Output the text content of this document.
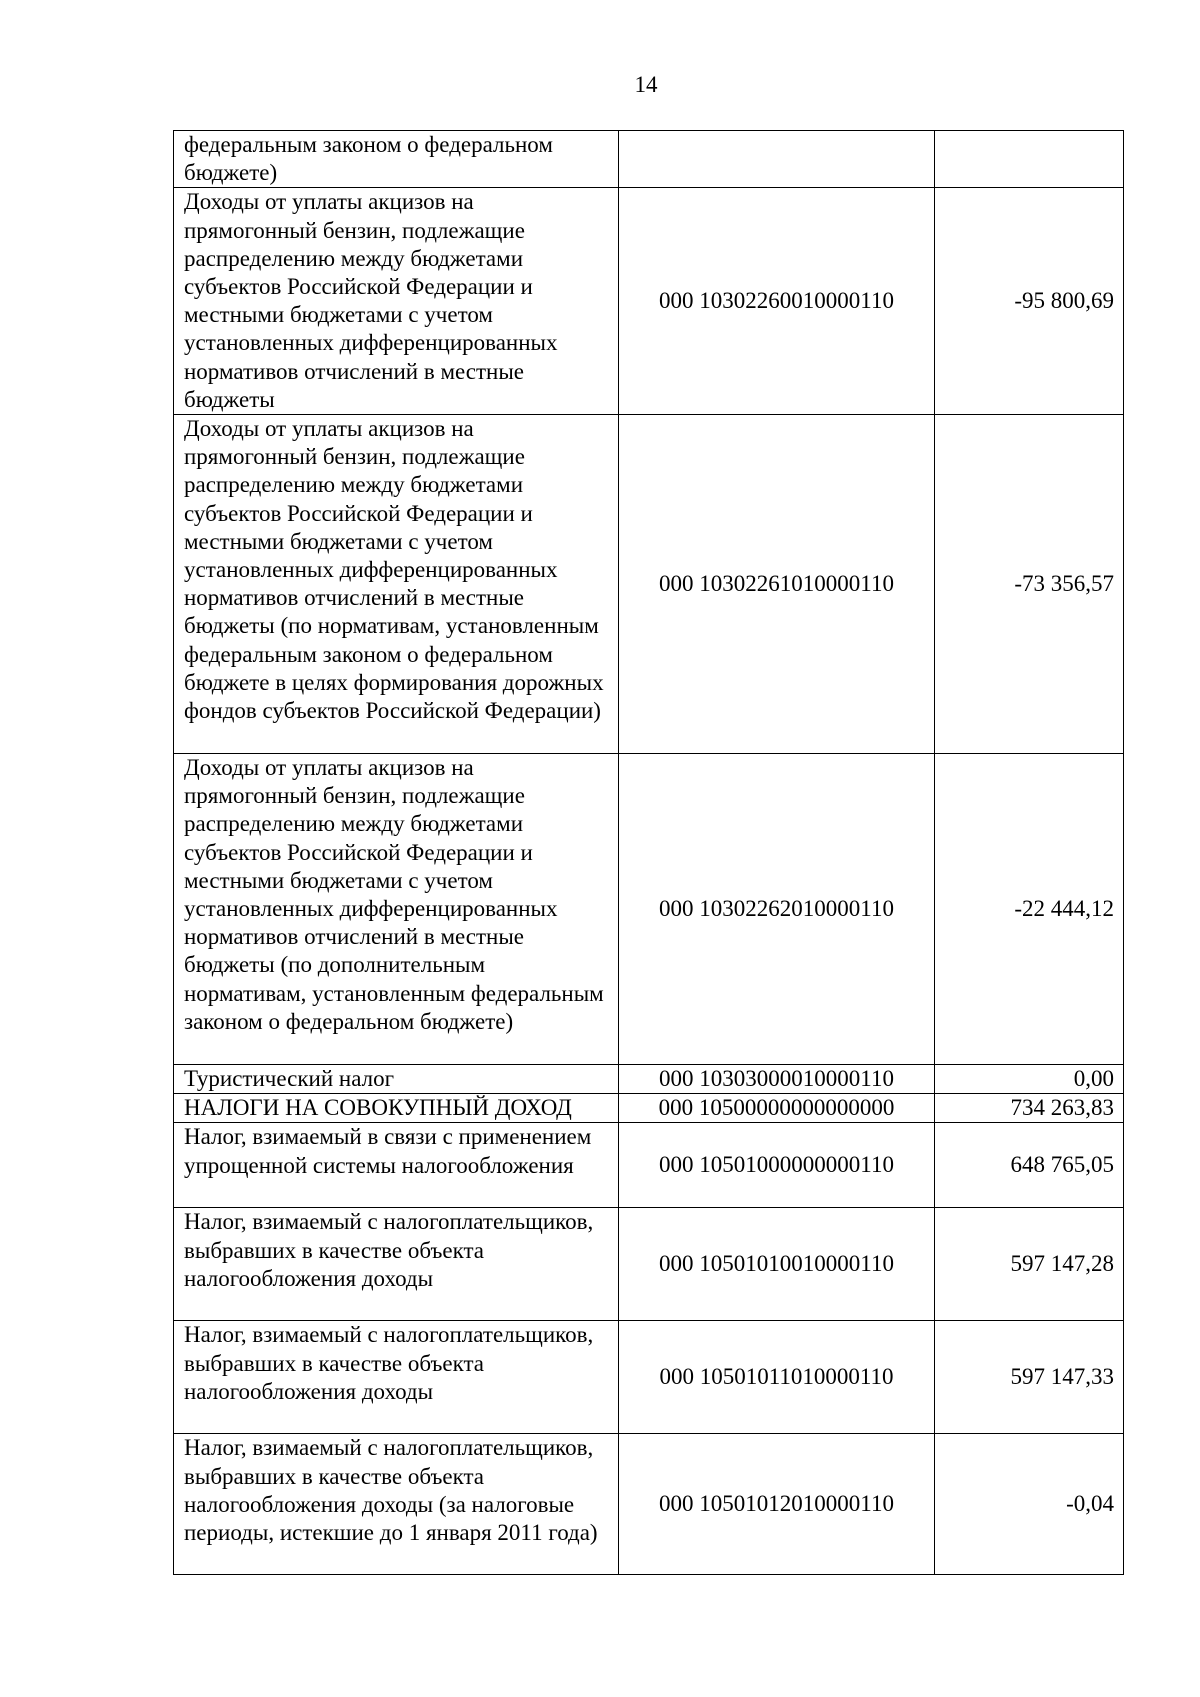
14
федеральным законом о федеральном бюджете)		
Доходы от уплаты акцизов на прямогонный бензин, подлежащие распределению между бюджетами субъектов Российской Федерации и местными бюджетами с учетом установленных дифференцированных нормативов отчислений в местные бюджеты	000 10302260010000110	-95 800,69
Доходы от уплаты акцизов на прямогонный бензин, подлежащие распределению между бюджетами субъектов Российской Федерации и местными бюджетами с учетом установленных дифференцированных нормативов отчислений в местные бюджеты (по нормативам, установленным федеральным законом о федеральном бюджете в целях формирования дорожных фондов субъектов Российской Федерации)	000 10302261010000110	-73 356,57
Доходы от уплаты акцизов на прямогонный бензин, подлежащие распределению между бюджетами субъектов Российской Федерации и местными бюджетами с учетом установленных дифференцированных нормативов отчислений в местные бюджеты (по дополнительным нормативам, установленным федеральным законом о федеральном бюджете)	000 10302262010000110	-22 444,12
Туристический налог	000 10303000010000110	0,00
НАЛОГИ НА СОВОКУПНЫЙ ДОХОД	000 10500000000000000	734 263,83
Налог, взимаемый в связи с применением упрощенной системы налогообложения	000 10501000000000110	648 765,05
Налог, взимаемый с налогоплательщиков, выбравших в качестве объекта налогообложения доходы	000 10501010010000110	597 147,28
Налог, взимаемый с налогоплательщиков, выбравших в качестве объекта налогообложения доходы	000 10501011010000110	597 147,33
Налог, взимаемый с налогоплательщиков, выбравших в качестве объекта налогообложения доходы (за налоговые периоды, истекшие до 1 января 2011 года)	000 10501012010000110	-0,04
